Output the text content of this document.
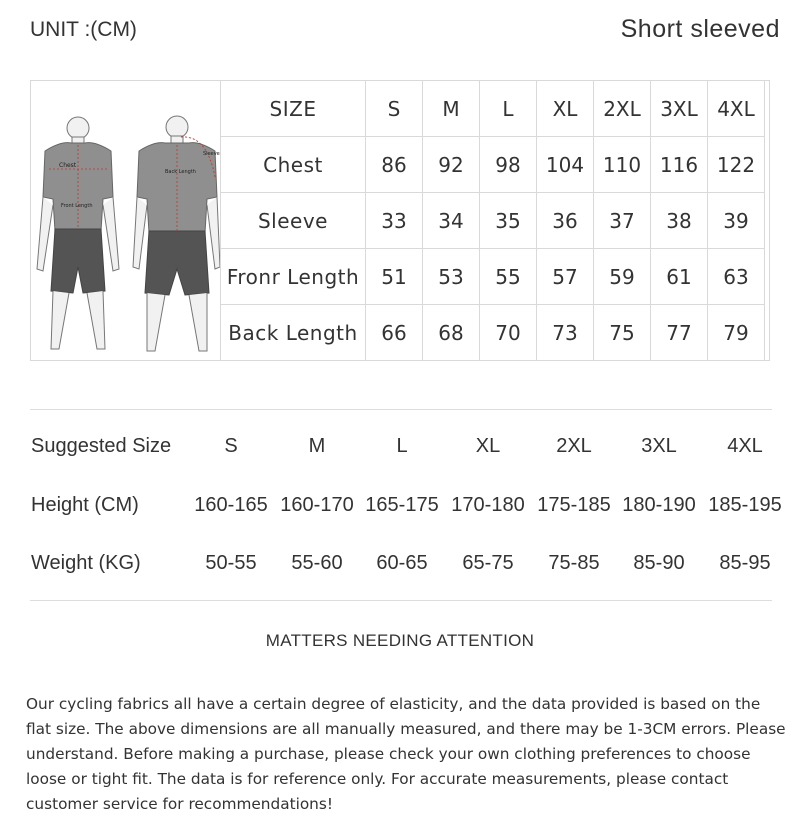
UNIT :(CM)	Short sleeved
Chest
Front Length
Back Length
Sleeve
SIZE	S	M	L	XL	2XL	3XL	4XL
Chest	86	92	98	104	110	116	122
Sleeve	33	34	35	36	37	38	39
Fronr Length	51	53	55	57	59	61	63
Back Length	66	68	70	73	75	77	79
Suggested Size	S	M	L	XL	2XL	3XL	4XL
Height (CM)	160-165 160-170 165-175 170-180 175-185 180-190 185-195
Weight (KG)	50-55	55-60	60-65	65-75	75-85	85-90	85-95
MATTERS NEEDING ATTENTION
Our cycling fabrics all have a certain degree of elasticity, and the data provided is based on the flat size. The above dimensions are all manually measured, and there may be 1-3CM errors. Please understand. Before making a purchase, please check your own clothing preferences to choose loose or tight fit. The data is for reference only. For accurate measurements, please contact customer service for recommendations!
